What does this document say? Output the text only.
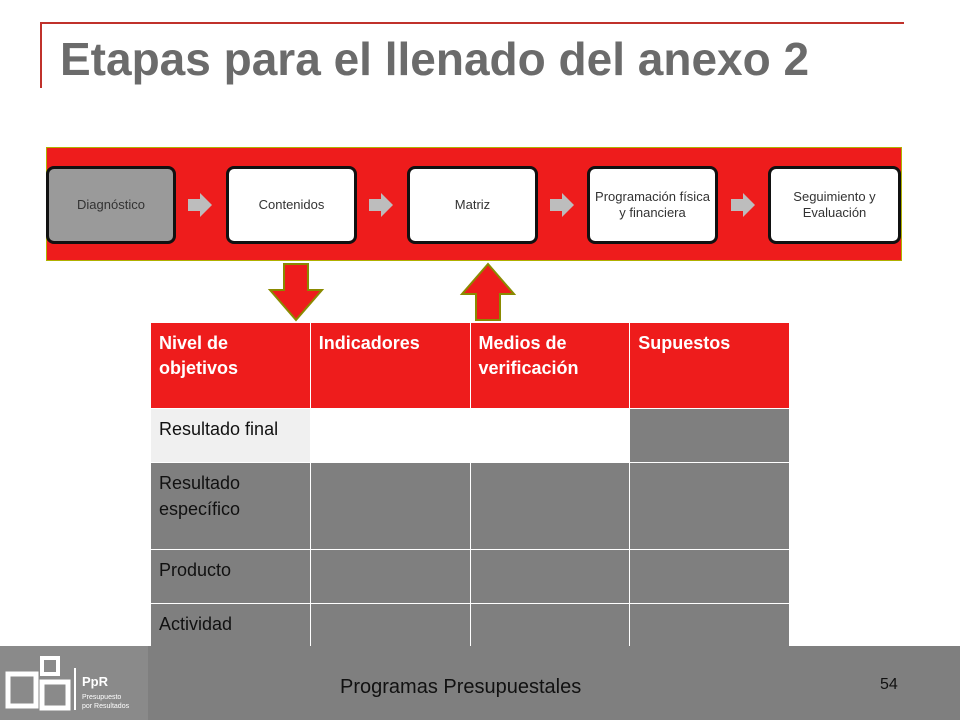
Etapas para el llenado del anexo 2
Diagnóstico	Contenidos	Matriz
Programación física y financiera
Seguimiento y Evaluación
Nivel de objetivos	Indicadores	Medios de verificación	Supuestos
Resultado final			
Resultado específico			
Producto			
Actividad			
PpR
Presupuesto
por Resultados
Programas Presupuestales	54
